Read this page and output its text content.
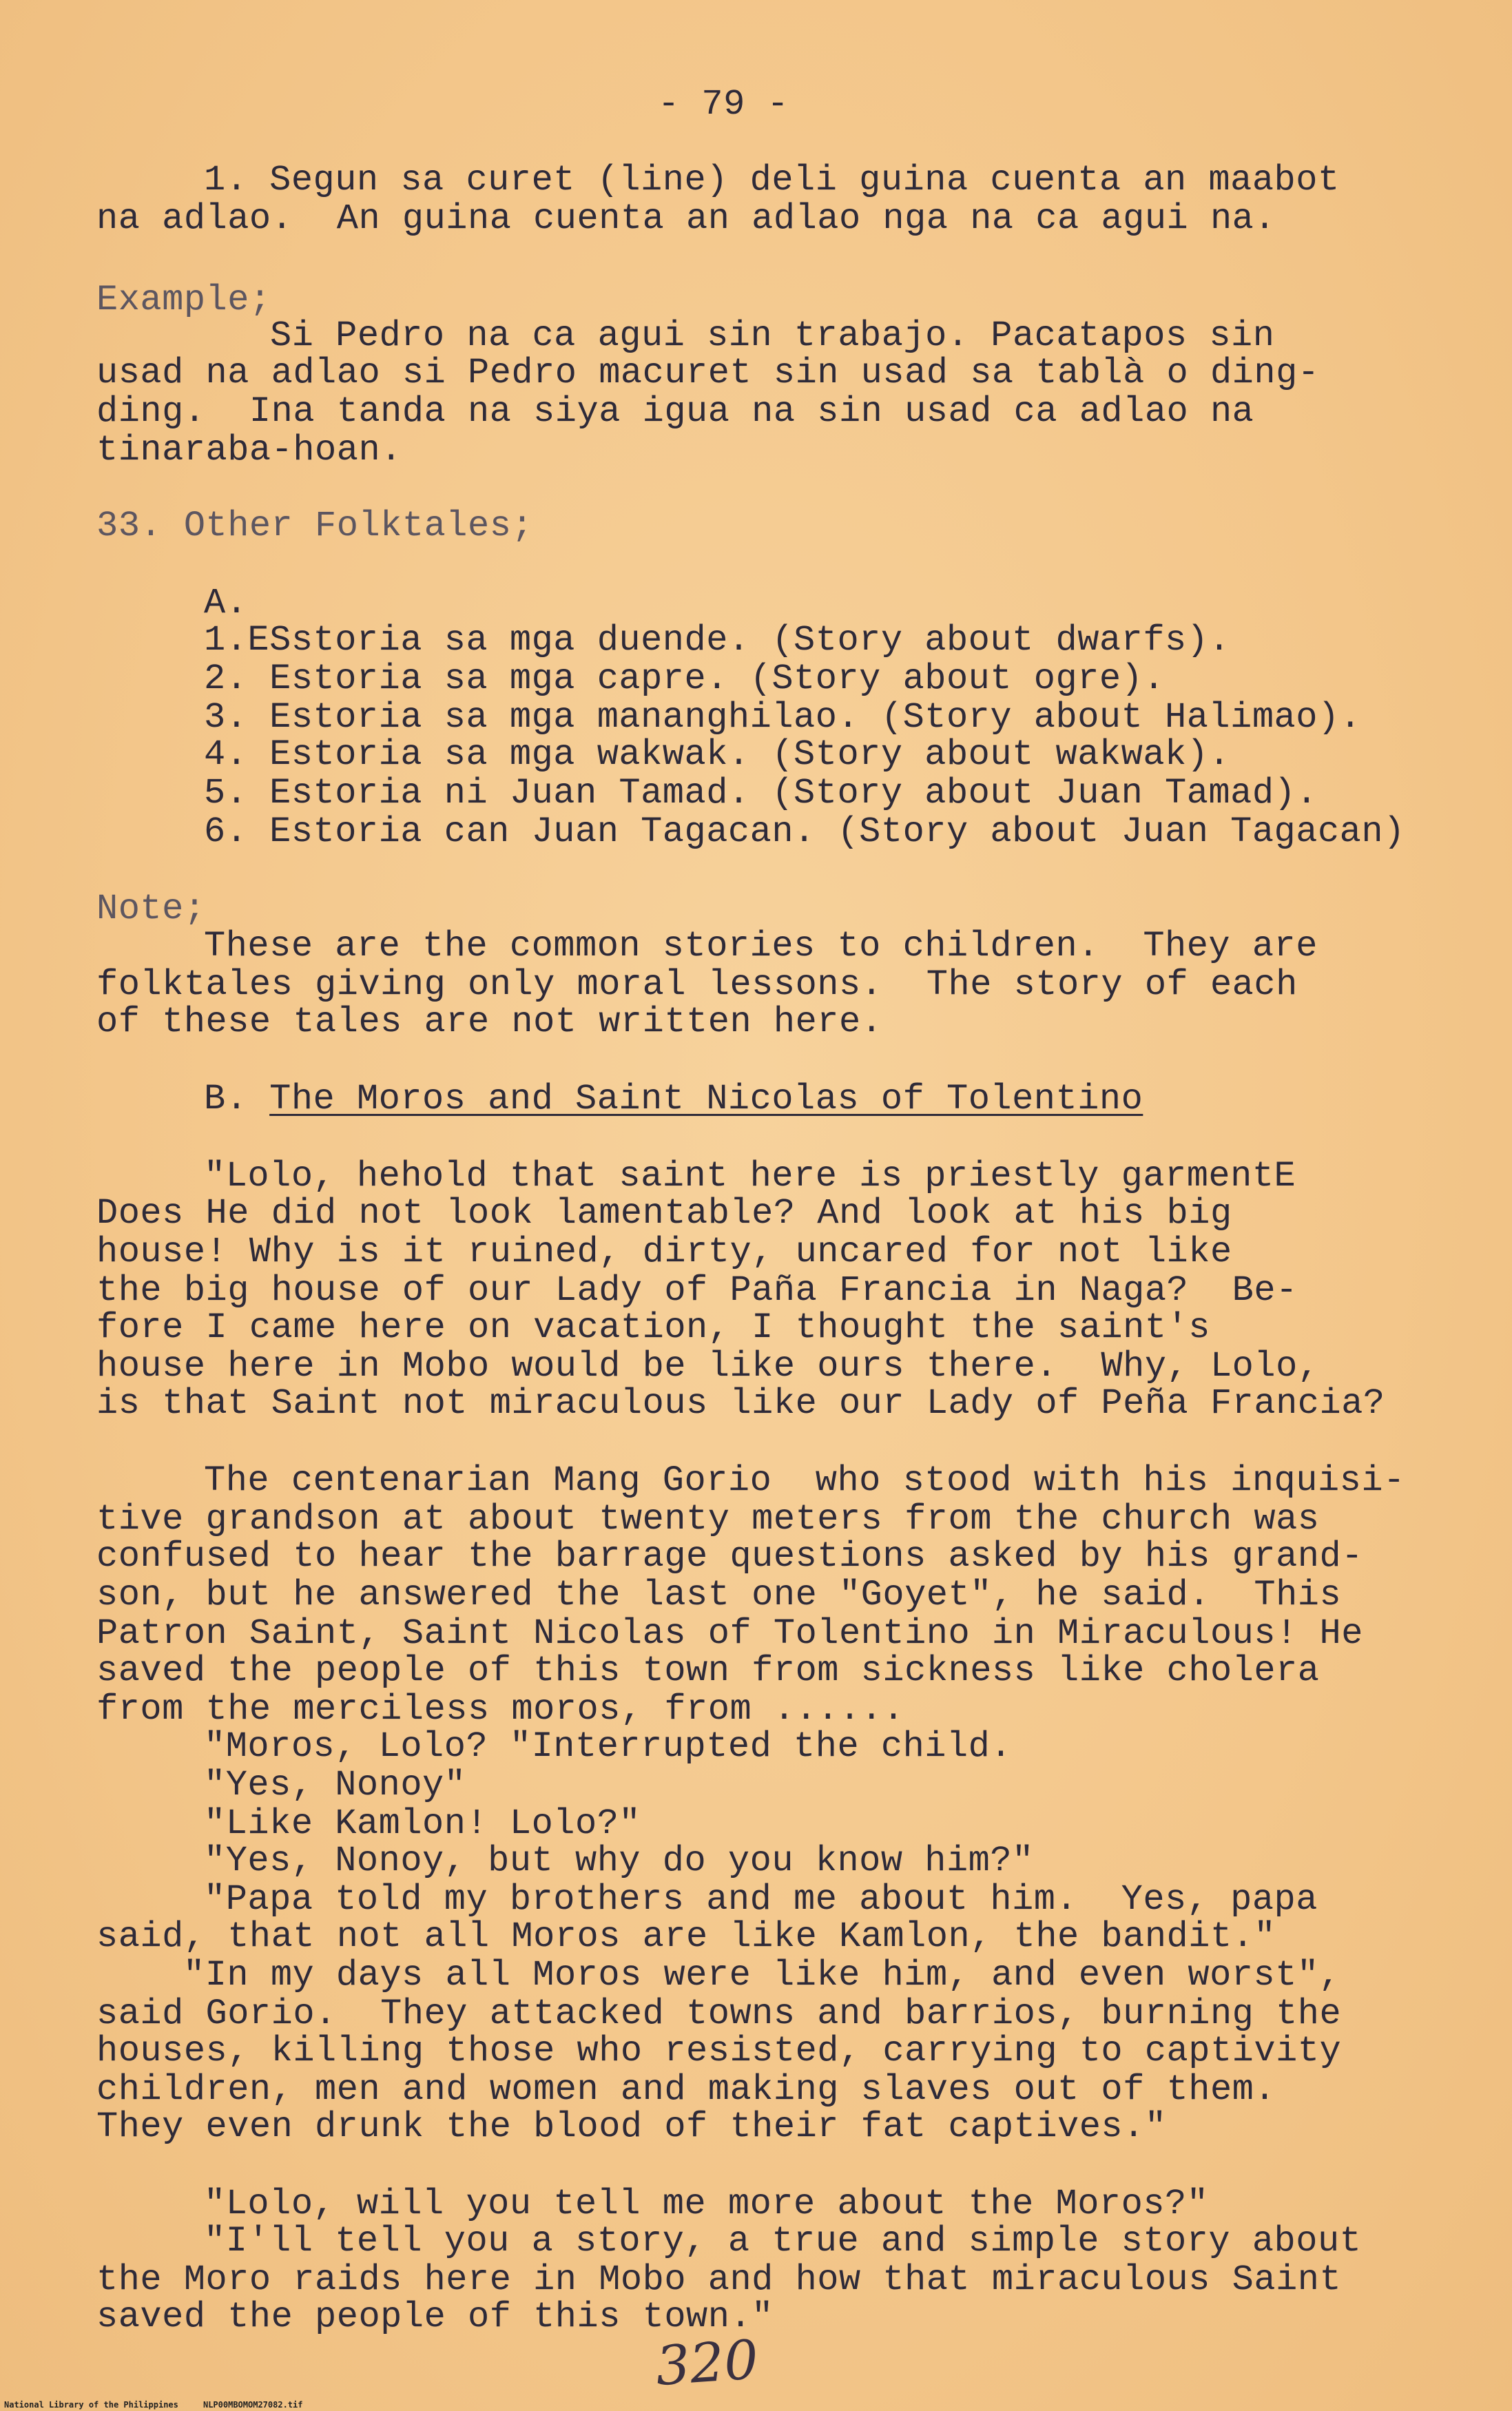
- 79 -
1. Segun sa curet (line) deli guina cuenta an maabot
na adlao.  An guina cuenta an adlao nga na ca agui na.
Example;
Si Pedro na ca agui sin trabajo. Pacatapos sin
usad na adlao si Pedro macuret sin usad sa tablà o ding-
ding.  Ina tanda na siya igua na sin usad ca adlao na
tinaraba-hoan.
33. Other Folktales;
A.
1.ESstoria sa mga duende. (Story about dwarfs).
2. Estoria sa mga capre. (Story about ogre).
3. Estoria sa mga mananghilao. (Story about Halimao).
4. Estoria sa mga wakwak. (Story about wakwak).
5. Estoria ni Juan Tamad. (Story about Juan Tamad).
6. Estoria can Juan Tagacan. (Story about Juan Tagacan)
Note;
These are the common stories to children.  They are
folktales giving only moral lessons.  The story of each
of these tales are not written here.
B. The Moros and Saint Nicolas of Tolentino
"Lolo, hehold that saint here is priestly garmentE
Does He did not look lamentable? And look at his big
house! Why is it ruined, dirty, uncared for not like
the big house of our Lady of Paña Francia in Naga?  Be-
fore I came here on vacation, I thought the saint's
house here in Mobo would be like ours there.  Why, Lolo,
is that Saint not miraculous like our Lady of Peña Francia?
The centenarian Mang Gorio  who stood with his inquisi-
tive grandson at about twenty meters from the church was
confused to hear the barrage questions asked by his grand-
son, but he answered the last one "Goyet", he said.  This
Patron Saint, Saint Nicolas of Tolentino in Miraculous! He
saved the people of this town from sickness like cholera
from the merciless moros, from ......
"Moros, Lolo? "Interrupted the child.
"Yes, Nonoy"
"Like Kamlon! Lolo?"
"Yes, Nonoy, but why do you know him?"
"Papa told my brothers and me about him.  Yes, papa
said, that not all Moros are like Kamlon, the bandit."
"In my days all Moros were like him, and even worst",
said Gorio.  They attacked towns and barrios, burning the
houses, killing those who resisted, carrying to captivity
children, men and women and making slaves out of them.
They even drunk the blood of their fat captives."
"Lolo, will you tell me more about the Moros?"
"I'll tell you a story, a true and simple story about
the Moro raids here in Mobo and how that miraculous Saint
saved the people of this town."
320
National Library of the Philippines     NLP00MBOMOM27082.tif
